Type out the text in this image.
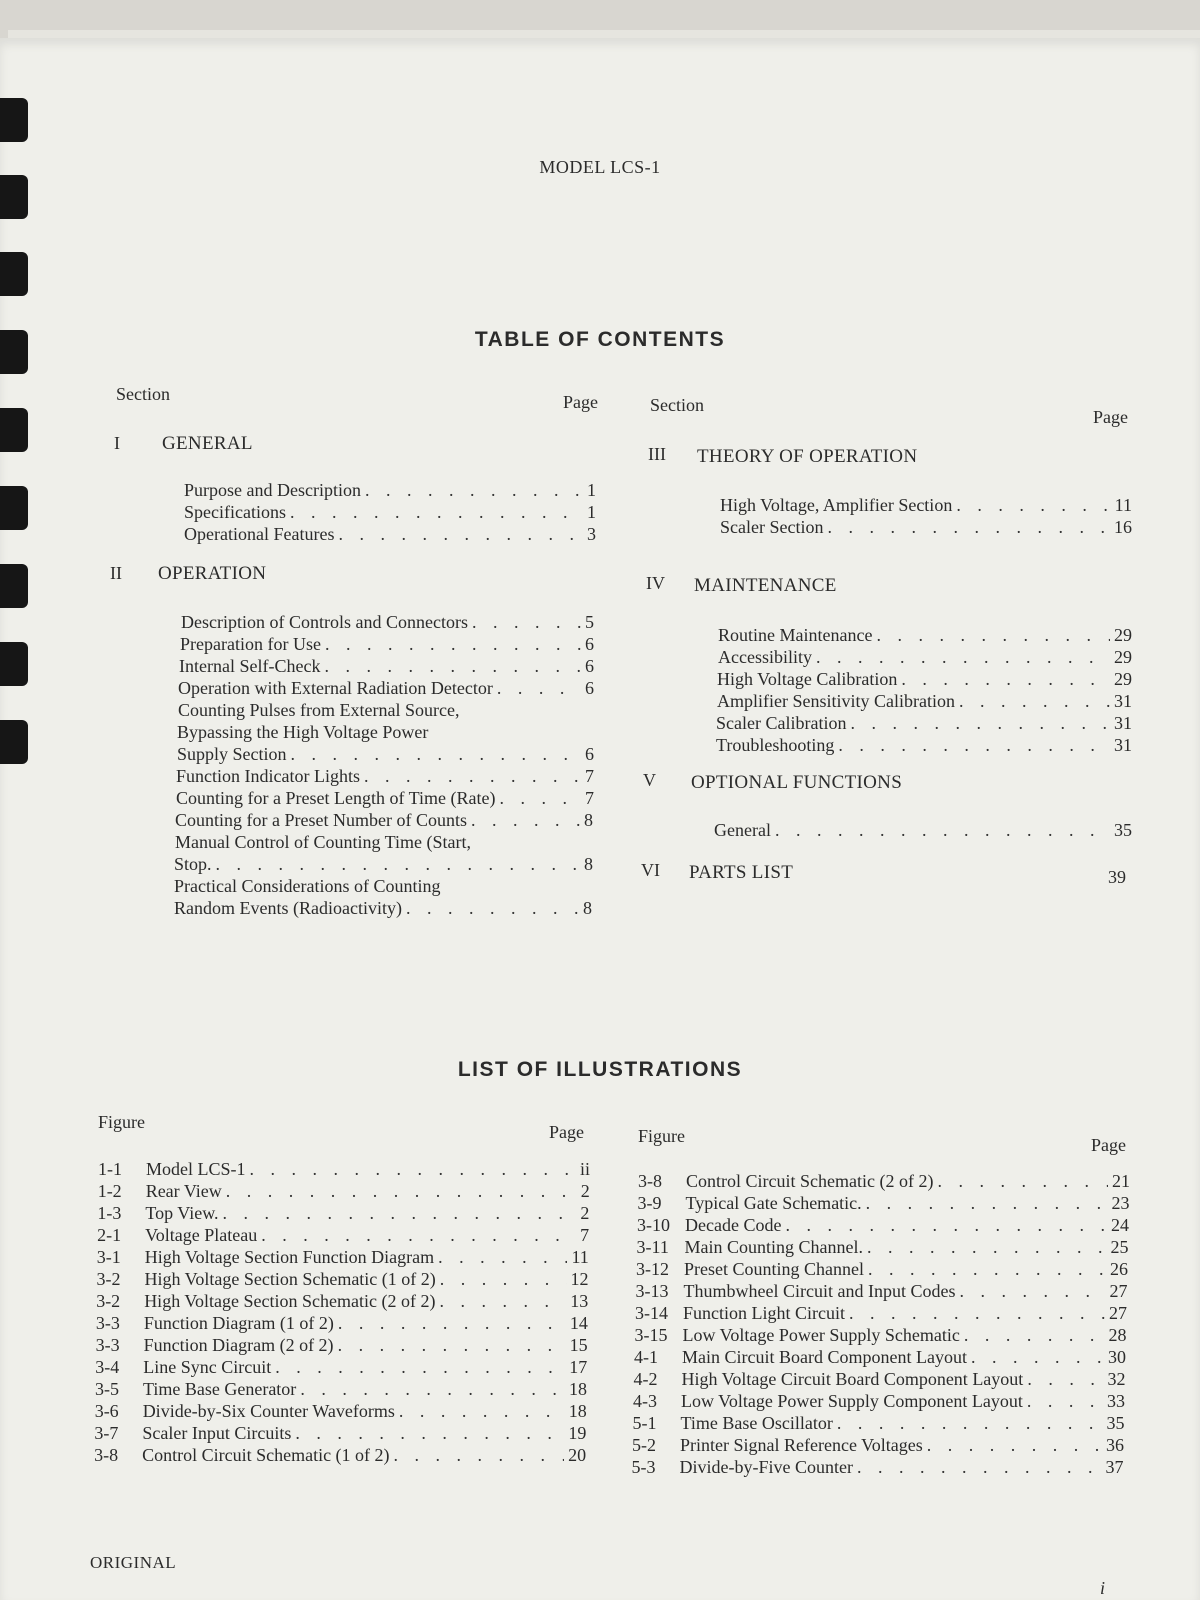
MODEL LCS-1
TABLE OF CONTENTS
Section	Page	Section
Page
I GENERAL
Purpose and Description . . .	1
Specifications . . .	1
Operational Features . . .	3
II OPERATION
Description of Controls and Connectors . . .	5
Preparation for Use . . .	6
Internal Self-Check . . .	6
Operation with External Radiation Detector . . .	6
Counting Pulses from External Source,
Bypassing the High Voltage Power
Supply Section . . .	6
Function Indicator Lights . . .	7
Counting for a Preset Length of Time (Rate) . . .	7
Counting for a Preset Number of Counts . . .	8
Manual Control of Counting Time (Start,
Stop. . . .	8
Practical Considerations of Counting
Random Events (Radioactivity) . . .	8
III THEORY OF OPERATION
High Voltage, Amplifier Section . . .	11
Scaler Section . . .	16
IV MAINTENANCE
Routine Maintenance . . .	29
Accessibility . . .	29
High Voltage Calibration . . .	29
Amplifier Sensitivity Calibration . . .	31
Scaler Calibration . . .	31
Troubleshooting . . .	31
V OPTIONAL FUNCTIONS
General . . .	35
VI PARTS LIST	39
LIST OF ILLUSTRATIONS
Figure	Page	Figure	Page
1-1	Model LCS-1 . . .	ii
1-2	Rear View . . .	2
1-3	Top View. . . .	2
2-1	Voltage Plateau . . .	7
3-1	High Voltage Section Function Diagram . . .	11
3-2	High Voltage Section Schematic (1 of 2) . . .	12
3-2	High Voltage Section Schematic (2 of 2) . . .	13
3-3	Function Diagram (1 of 2) . . .	14
3-3	Function Diagram (2 of 2) . . .	15
3-4	Line Sync Circuit . . .	17
3-5	Time Base Generator . . .	18
3-6	Divide-by-Six Counter Waveforms . . .	18
3-7	Scaler Input Circuits . . .	19
3-8	Control Circuit Schematic (1 of 2) . . .	20
3-8	Control Circuit Schematic (2 of 2) . . .	21
3-9	Typical Gate Schematic. . . .	23
3-10 Decade Code . . .	24
3-11 Main Counting Channel. . . .	25
3-12 Preset Counting Channel . . .	26
3-13 Thumbwheel Circuit and Input Codes . . .	27
3-14 Function Light Circuit . . .	27
3-15 Low Voltage Power Supply Schematic . . .	28
4-1	Main Circuit Board Component Layout . . .	30
4-2	High Voltage Circuit Board Component Layout . . .	32
4-3	Low Voltage Power Supply Component Layout . . .	33
5-1	Time Base Oscillator . . .	35
5-2	Printer Signal Reference Voltages . . .	36
5-3	Divide-by-Five Counter . . .	37
ORIGINAL
i
